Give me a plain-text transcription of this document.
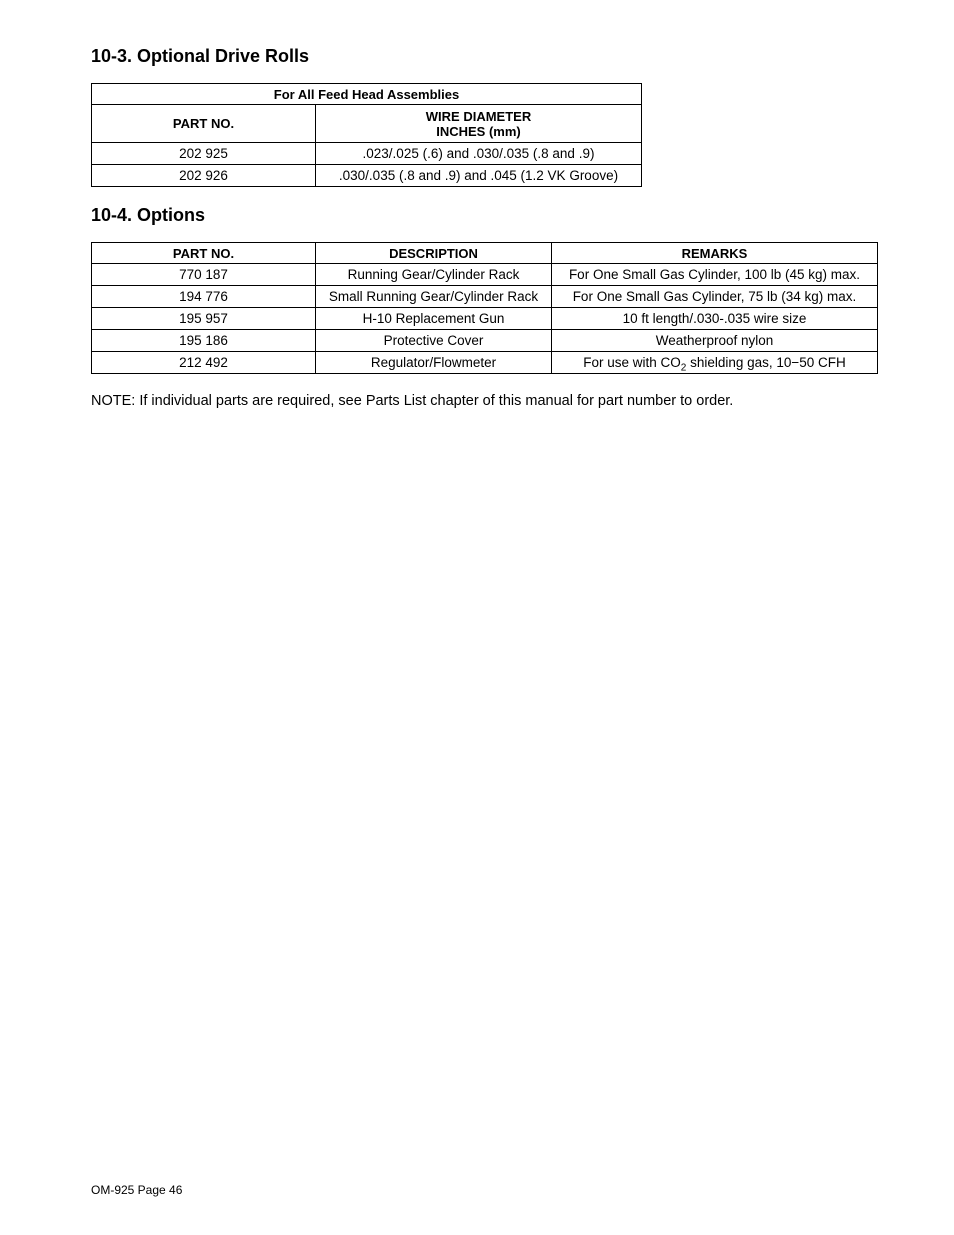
10-3. Optional Drive Rolls
For All Feed Head Assemblies	
PART NO.	WIRE DIAMETER
INCHES (mm)
202 925	.023/.025 (.6) and .030/.035 (.8 and .9)
202 926	.030/.035 (.8 and .9) and .045 (1.2 VK Groove)
10-4. Options
PART NO.	DESCRIPTION	REMARKS
770 187	Running Gear/Cylinder Rack	For One Small Gas Cylinder, 100 lb (45 kg) max.
194 776	Small Running Gear/Cylinder Rack	For One Small Gas Cylinder, 75 lb (34 kg) max.
195 957	H-10 Replacement Gun	10 ft length/.030-.035 wire size
195 186	Protective Cover	Weatherproof nylon
212 492	Regulator/Flowmeter	For use with $CO_2$ shielding gas, 10−50 CFH

NOTE: If individual parts are required, see Parts List chapter of this manual for part number to order.

OM-925 Page 46
